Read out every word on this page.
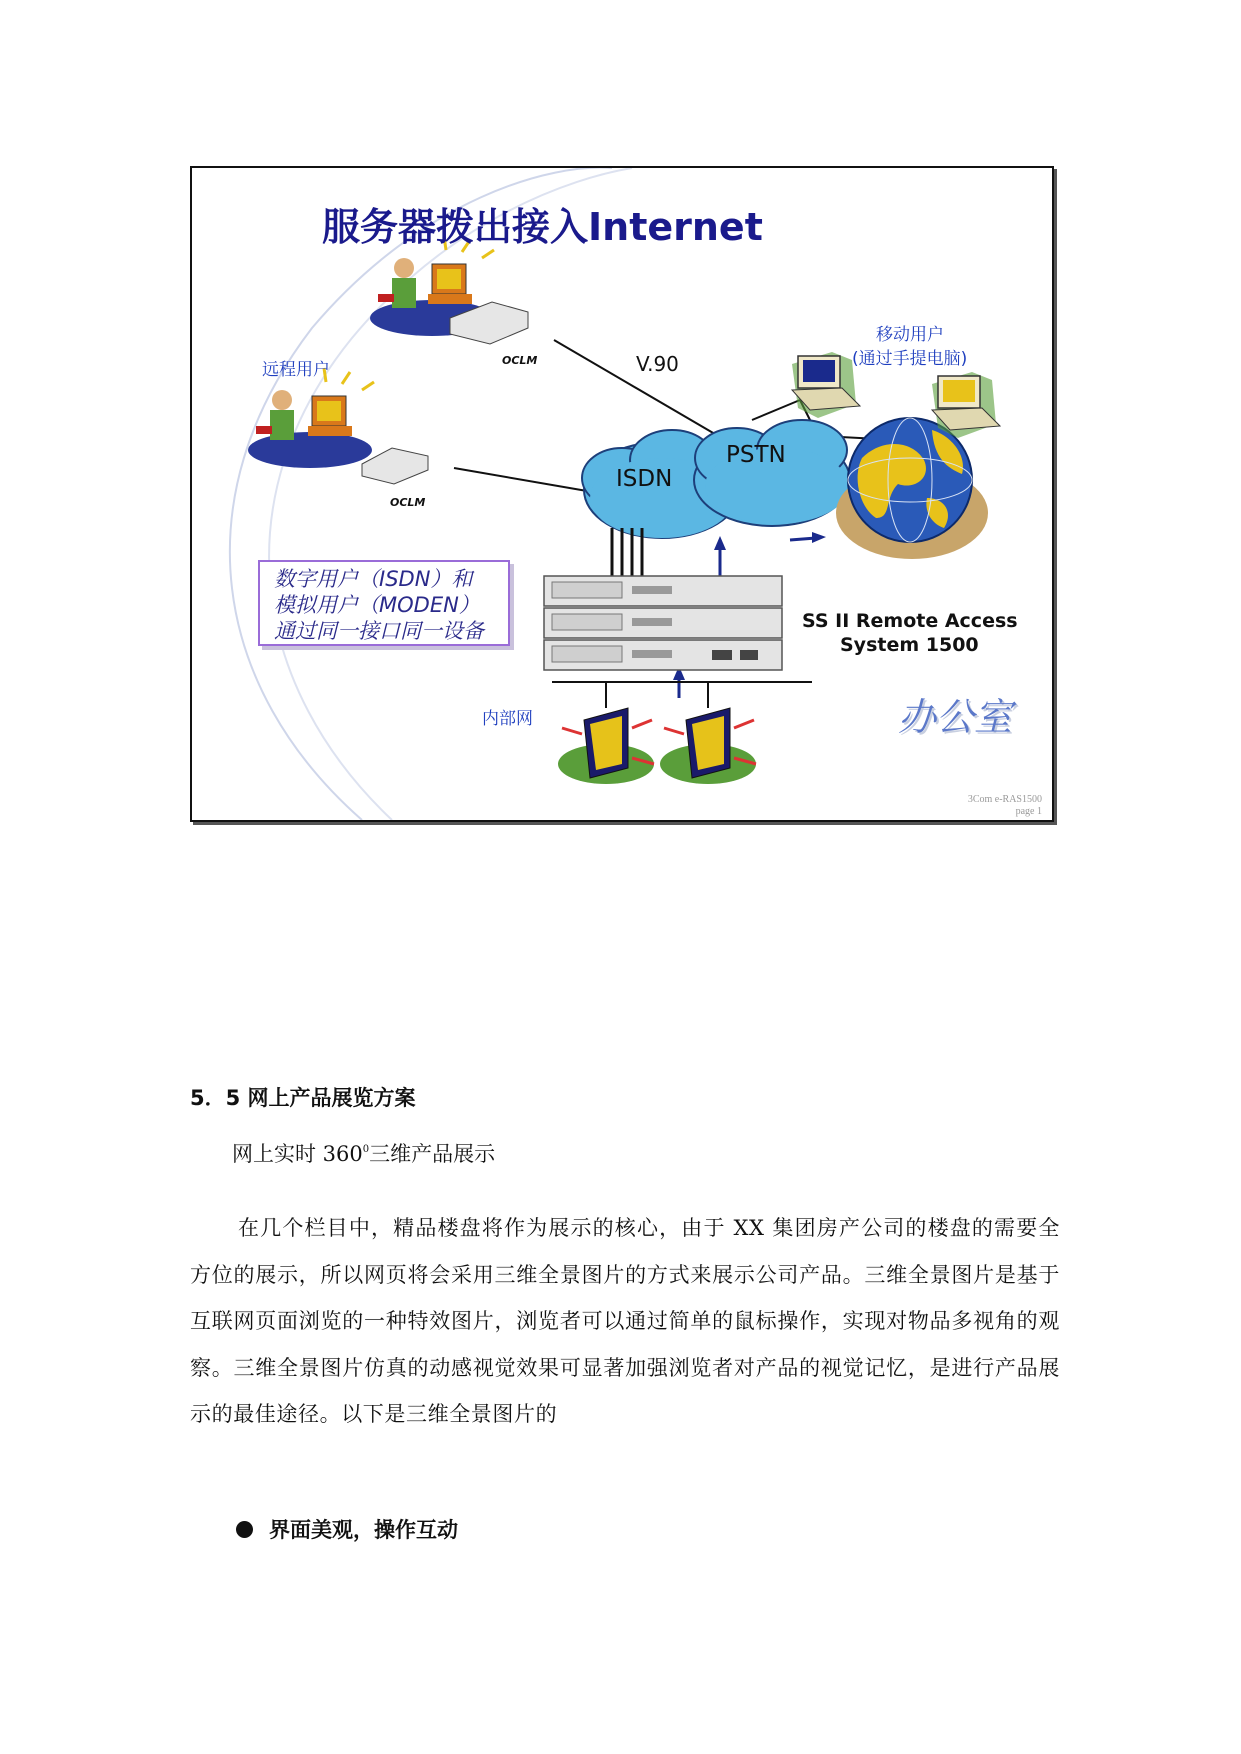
服务器拨出接入Internet
远程用户
移动用户
(通过手提电脑)
V.90
OCLM
OCLM
ISDN
PSTN
数字用户（ISDN）和
模拟用户（MODEN）
通过同一接口同一设备	SS II Remote Access
System 1500
内部网	办公室
3Com e-RAS1500
page 1
5．5 网上产品展览方案
网上实时 $360^0$三维产品展示
在几个栏目中，精品楼盘将作为展示的核心，由于 XX 集团房产公司的楼盘的需要全方位的展示，所以网页将会采用三维全景图片的方式来展示公司产品。三维全景图片是基于互联网页面浏览的一种特效图片，浏览者可以通过简单的鼠标操作，实现对物品多视角的观察。三维全景图片仿真的动感视觉效果可显著加强浏览者对产品的视觉记忆，是进行产品展示的最佳途径。以下是三维全景图片的
界面美观，操作互动
